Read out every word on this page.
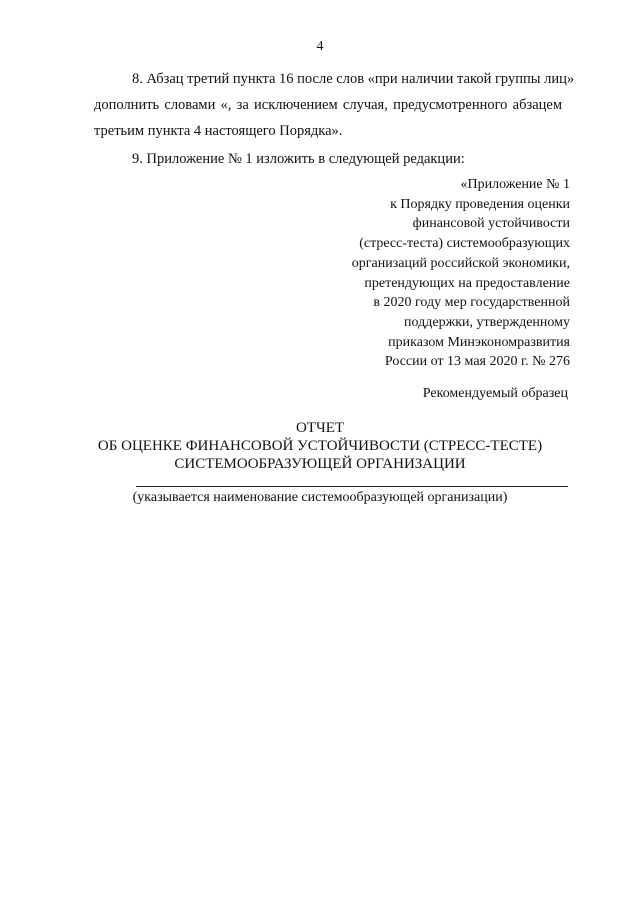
4
8. Абзац третий пункта 16 после слов «при наличии такой группы лиц»
дополнить словами «, за исключением случая, предусмотренного абзацем
третьим пункта 4 настоящего Порядка».
9. Приложение № 1 изложить в следующей редакции:
«Приложение № 1
к Порядку проведения оценки
финансовой устойчивости
(стресс-теста) системообразующих
организаций российской экономики,
претендующих на предоставление
в 2020 году мер государственной
поддержки, утвержденному
приказом Минэкономразвития
России от 13 мая 2020 г. № 276
Рекомендуемый образец
ОТЧЕТ
ОБ ОЦЕНКЕ ФИНАНСОВОЙ УСТОЙЧИВОСТИ (СТРЕСС-ТЕСТЕ)
СИСТЕМООБРАЗУЮЩЕЙ ОРГАНИЗАЦИИ
(указывается наименование системообразующей организации)
